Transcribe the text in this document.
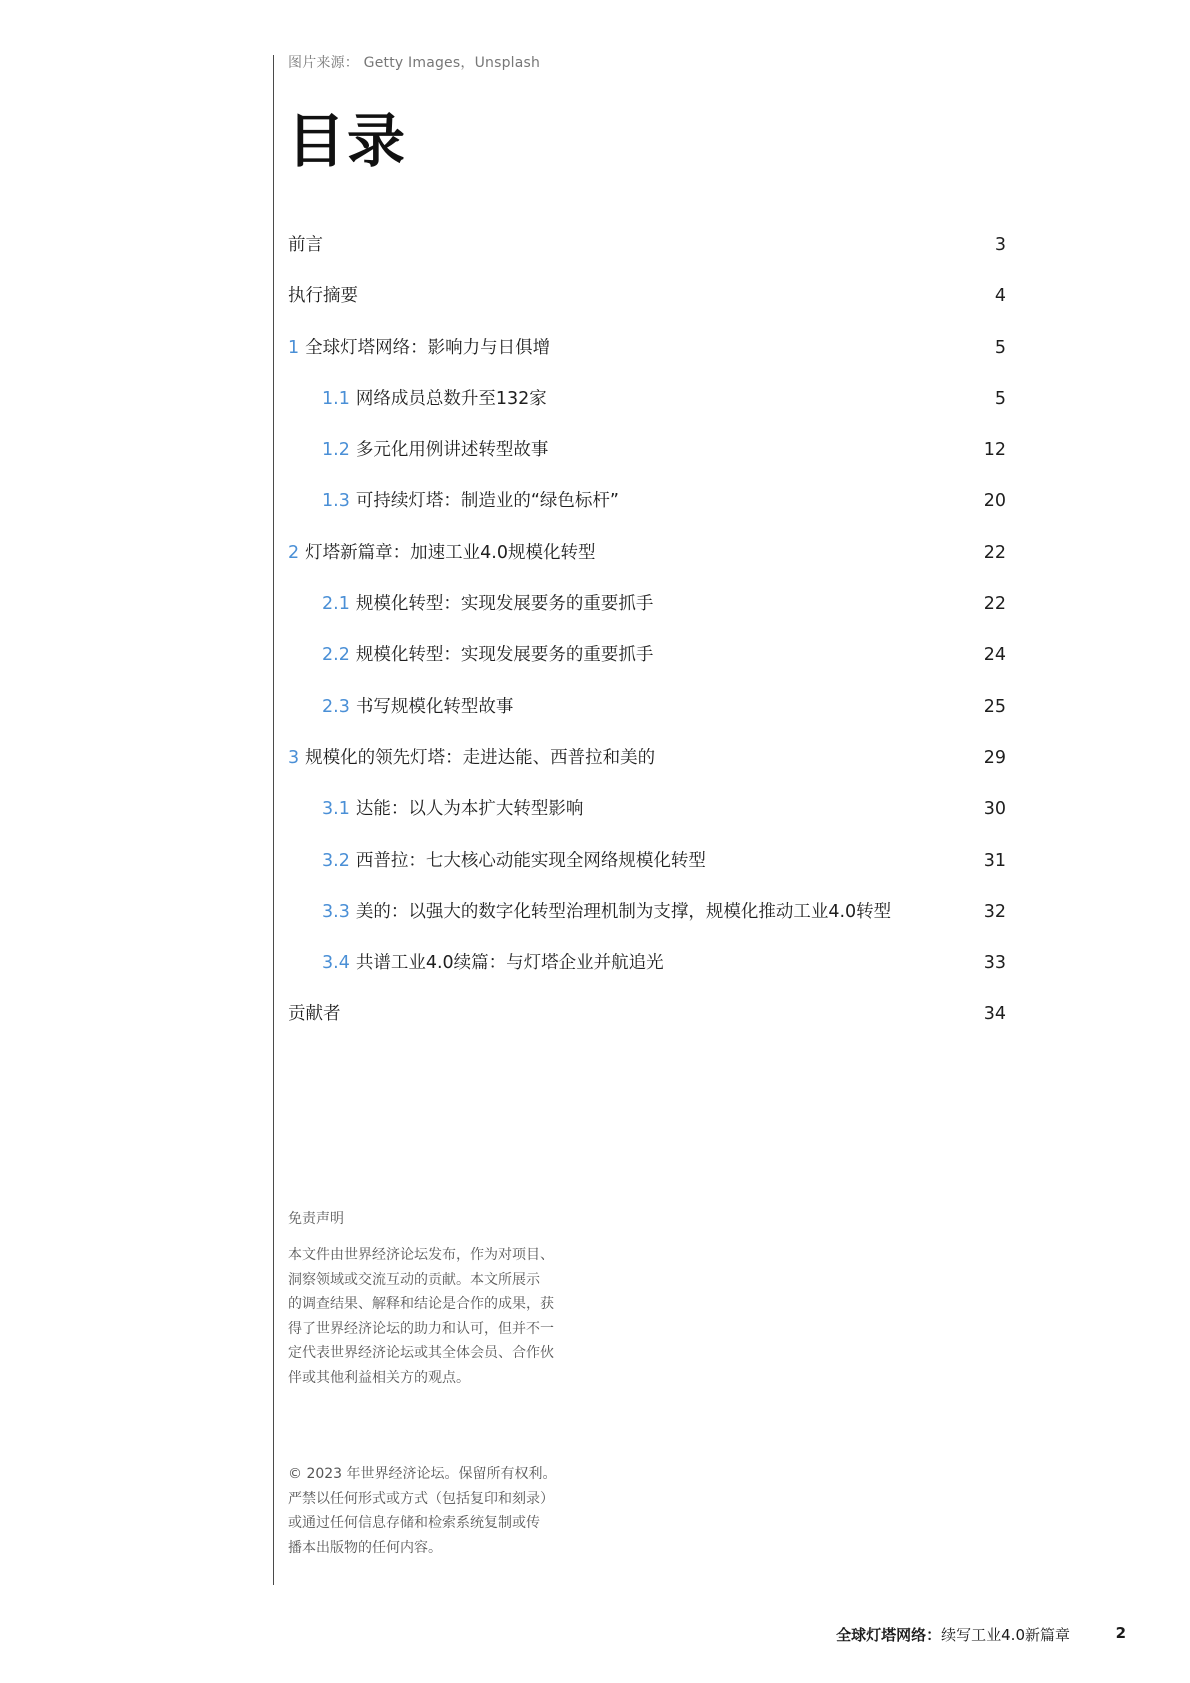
图片来源： Getty Images，Unsplash
目录
前言	3
执行摘要	4
1 全球灯塔网络：影响力与日俱增	5
1.1 网络成员总数升至132家	5
1.2 多元化用例讲述转型故事	12
1.3 可持续灯塔：制造业的“绿色标杆”	20
2 灯塔新篇章：加速工业4.0规模化转型	22
2.1 规模化转型：实现发展要务的重要抓手	22
2.2 规模化转型：实现发展要务的重要抓手	24
2.3 书写规模化转型故事	25
3 规模化的领先灯塔：走进达能、西普拉和美的	29
3.1 达能：以人为本扩大转型影响	30
3.2 西普拉：七大核心动能实现全网络规模化转型	31
3.3 美的：以强大的数字化转型治理机制为支撑，规模化推动工业4.0转型	32
3.4 共谱工业4.0续篇：与灯塔企业并航追光	33
贡献者	34
免责声明
本文件由世界经济论坛发布，作为对项目、
洞察领域或交流互动的贡献。本文所展示
的调查结果、解释和结论是合作的成果，获
得了世界经济论坛的助力和认可，但并不一
定代表世界经济论坛或其全体会员、合作伙
伴或其他利益相关方的观点。
© 2023 年世界经济论坛。保留所有权利。
严禁以任何形式或方式（包括复印和刻录）
或通过任何信息存储和检索系统复制或传
播本出版物的任何内容。
全球灯塔网络：续写工业4.0新篇章	2
